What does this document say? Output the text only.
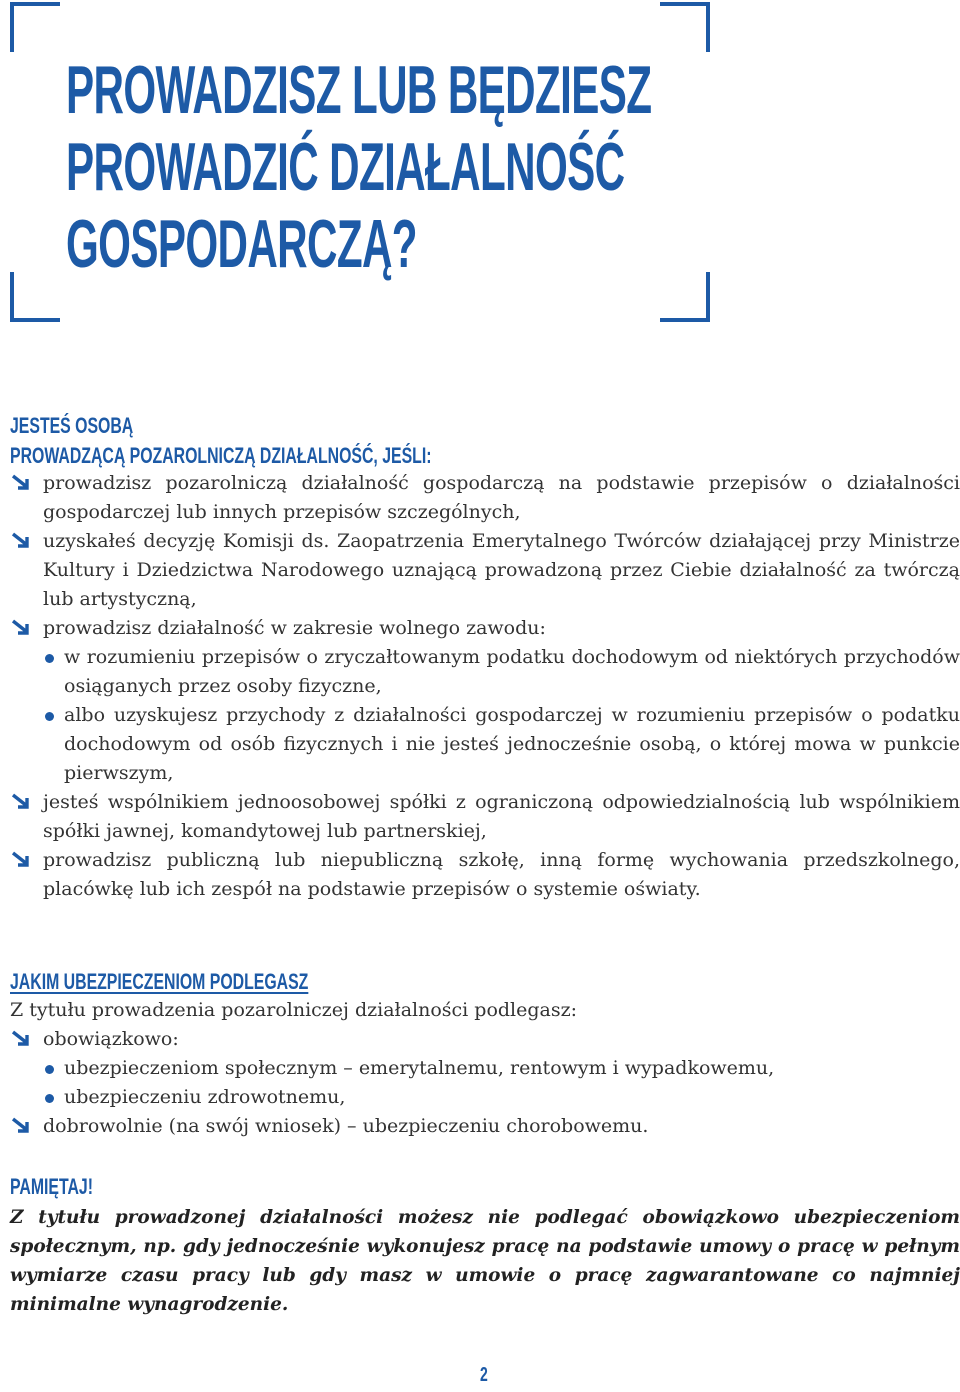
PROWADZISZ LUB BĘDZIESZ
PROWADZIĆ DZIAŁALNOŚĆ
GOSPODARCZĄ?
JESTEŚ OSOBĄ
PROWADZĄCĄ POZAROLNICZĄ DZIAŁALNOŚĆ, JEŚLI:
prowadzisz pozarolniczą działalność gospodarczą na podstawie przepisów o działalności gospodarczej lub innych przepisów szczególnych,
uzyskałeś decyzję Komisji ds. Zaopatrzenia Emerytalnego Twórców działającej przy Ministrze Kultury i Dziedzictwa Narodowego uznającą prowadzoną przez Ciebie działalność za twórczą lub artystyczną,
prowadzisz działalność w zakresie wolnego zawodu:
w rozumieniu przepisów o zryczałtowanym podatku dochodowym od niektórych przychodów osiąganych przez osoby fizyczne,
albo uzyskujesz przychody z działalności gospodarczej w rozumieniu przepisów o podatku dochodowym od osób fizycznych i nie jesteś jednocześnie osobą, o której mowa w punkcie pierwszym,
jesteś wspólnikiem jednoosobowej spółki z ograniczoną odpowiedzialnością lub wspólnikiem spółki jawnej, komandytowej lub partnerskiej,
prowadzisz publiczną lub niepubliczną szkołę, inną formę wychowania przedszkolnego, placówkę lub ich zespół na podstawie przepisów o systemie oświaty.
JAKIM UBEZPIECZENIOM PODLEGASZ
Z tytułu prowadzenia pozarolniczej działalności podlegasz:
obowiązkowo:
ubezpieczeniom społecznym – emerytalnemu, rentowym i wypadkowemu,
ubezpieczeniu zdrowotnemu,
dobrowolnie (na swój wniosek) – ubezpieczeniu chorobowemu.
PAMIĘTAJ!
Z tytułu prowadzonej działalności możesz nie podlegać obowiązkowo ubezpieczeniom społecznym, np. gdy jednocześnie wykonujesz pracę na podstawie umowy o pracę w pełnym wymiarze czasu pracy lub gdy masz w umowie o pracę zagwarantowane co najmniej minimalne wynagrodzenie.
2
